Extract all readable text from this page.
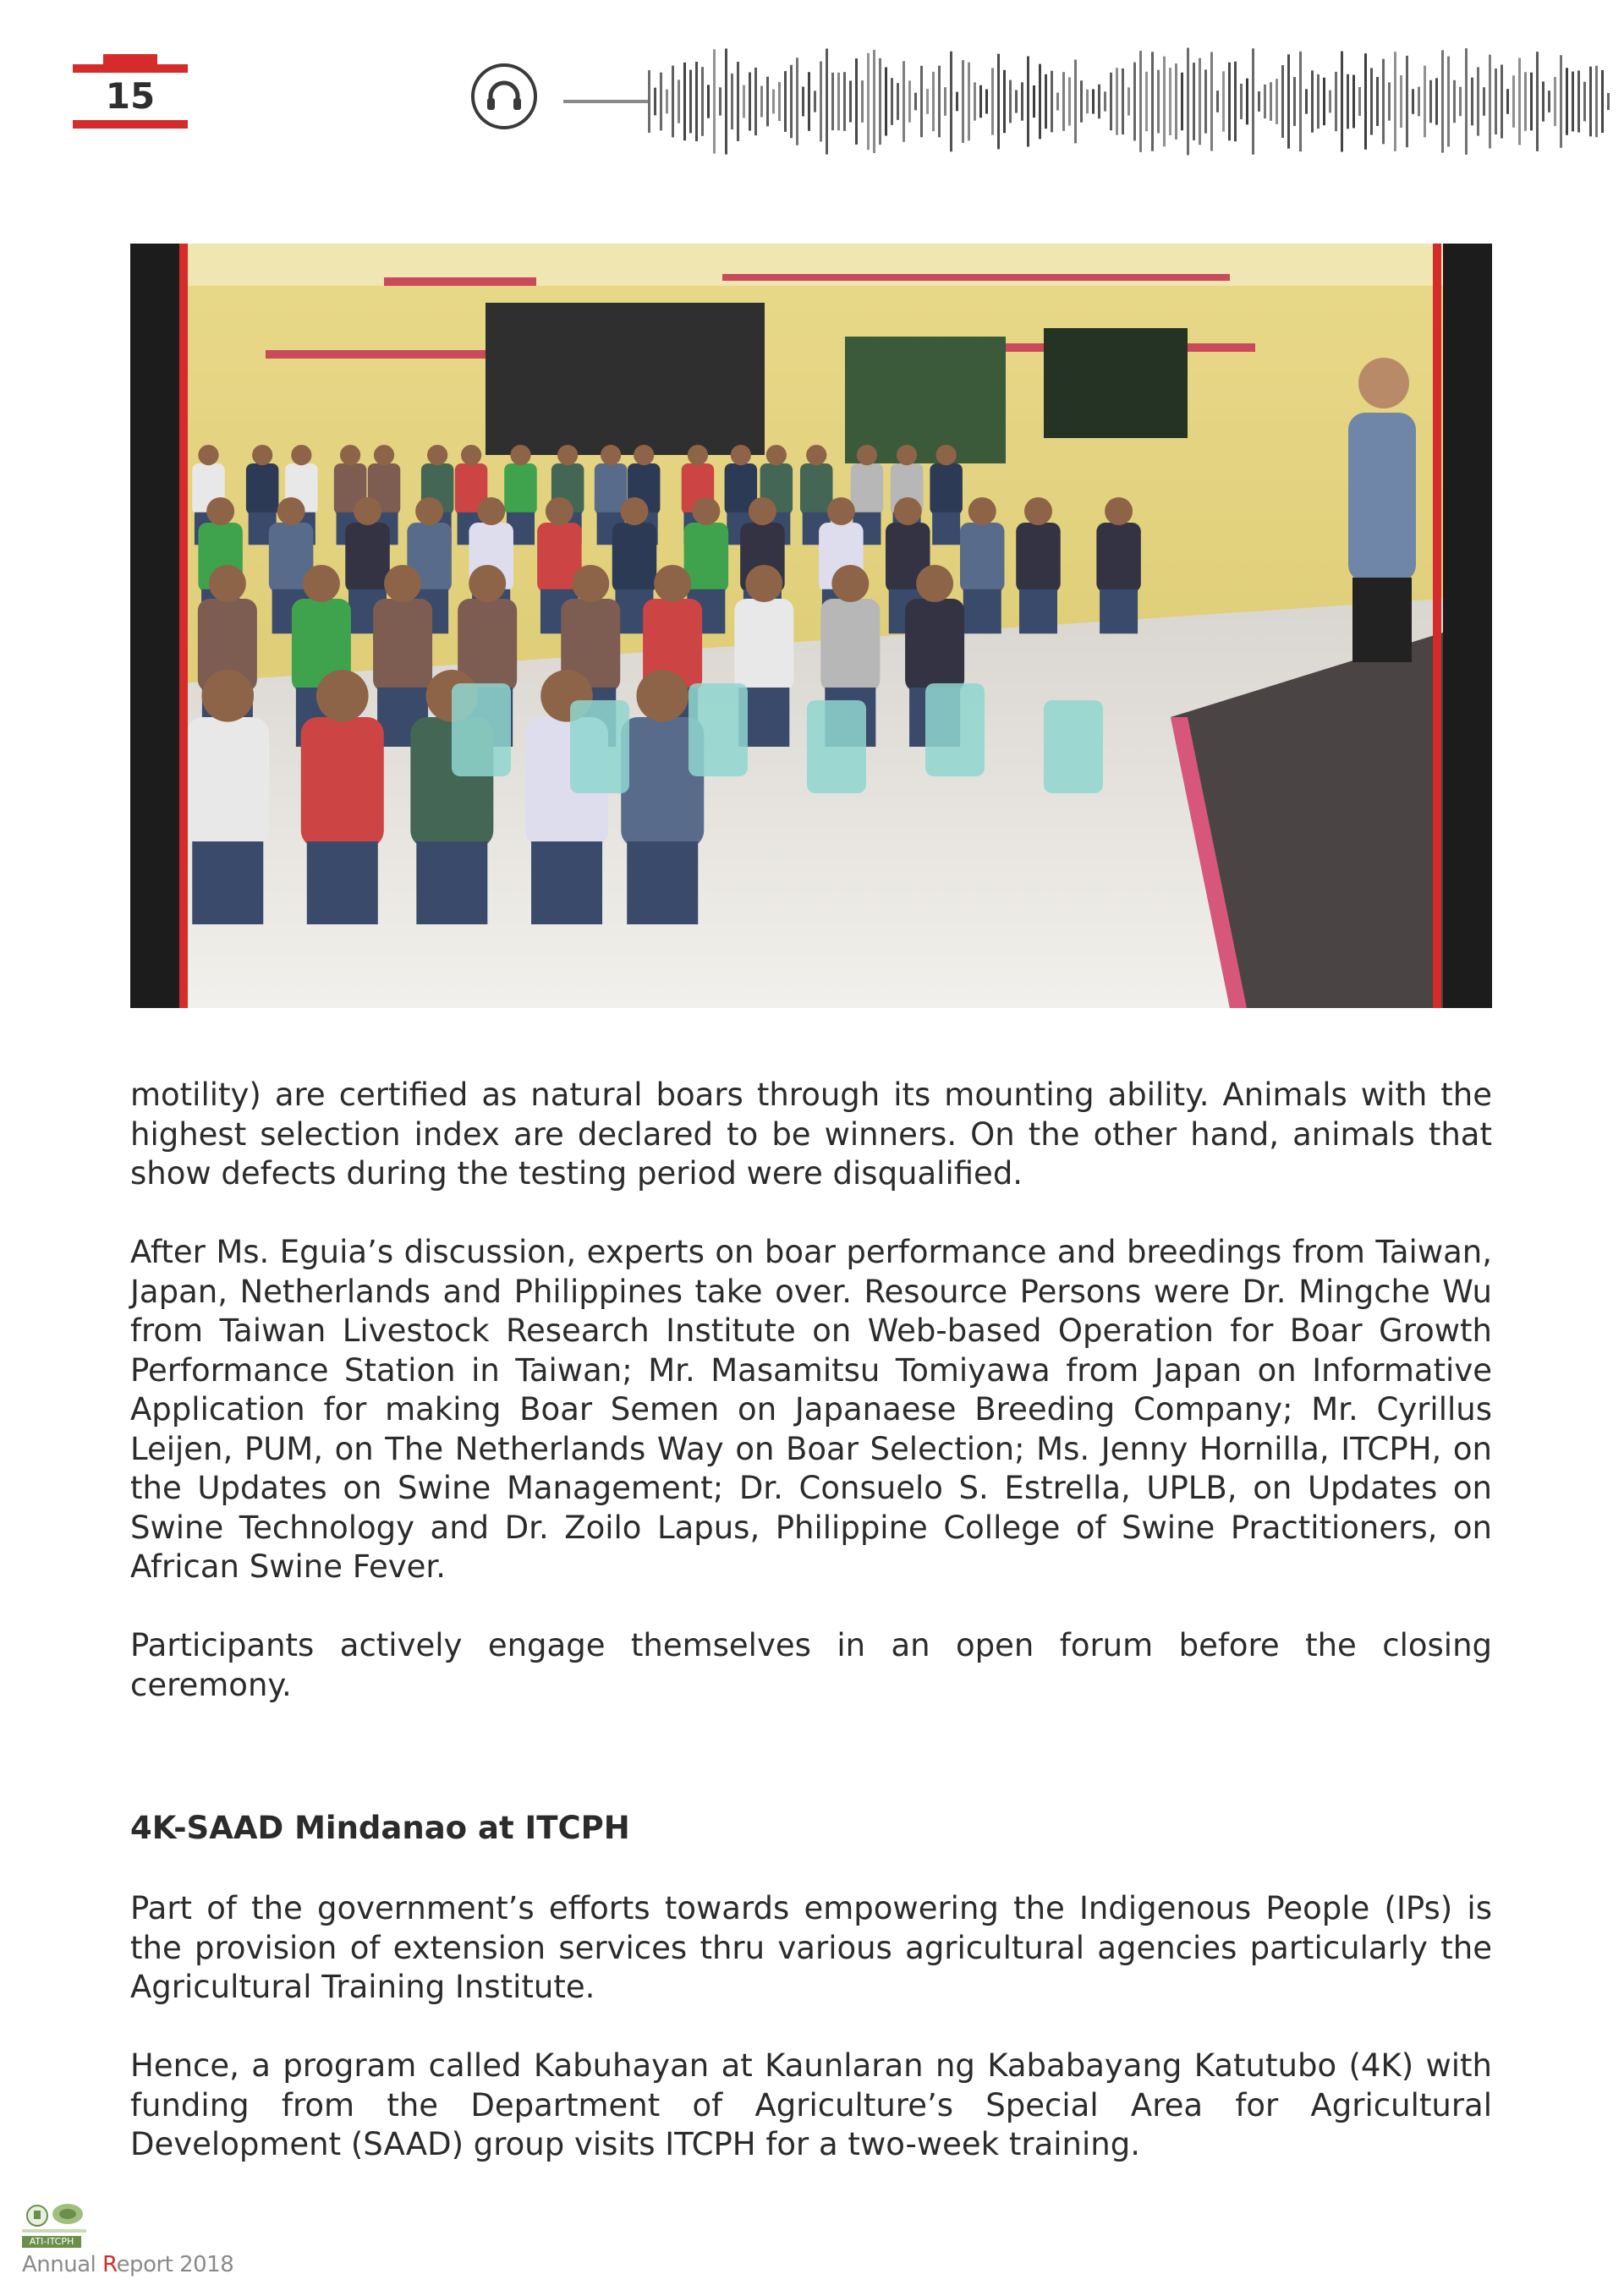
15

motility) are certified as natural boars through its mounting ability. Animals with the highest selection index are declared to be winners. On the other hand, animals that show defects during the testing period were disqualified.

After Ms. Eguia’s discussion, experts on boar performance and breedings from Taiwan, Japan, Netherlands and Philippines take over. Resource Persons were Dr. Mingche Wu from Taiwan Livestock Research Institute on Web-based Operation for Boar Growth Performance Station in Taiwan; Mr. Masamitsu Tomiyawa from Japan on Informative Application for making Boar Semen on Japanaese Breeding Company; Mr. Cyrillus Leijen, PUM, on The Netherlands Way on Boar Selection; Ms. Jenny Hornilla, ITCPH, on the Updates on Swine Management; Dr. Consuelo S. Estrella, UPLB, on Updates on Swine Technology and Dr. Zoilo Lapus, Philippine College of Swine Practitioners, on African Swine Fever.

Participants actively engage themselves in an open forum before the closing ceremony.

4K-SAAD Mindanao at ITCPH

Part of the government’s efforts towards empowering the Indigenous People (IPs) is the provision of extension services thru various agricultural agencies particularly the Agricultural Training Institute.

Hence, a program called Kabuhayan at Kaunlaran ng Kababayang Katutubo (4K) with funding from the Department of Agriculture’s Special Area for Agricultural Development (SAAD) group visits ITCPH for a two-week training.

ATI-ITCPH
Annual Report 2018
